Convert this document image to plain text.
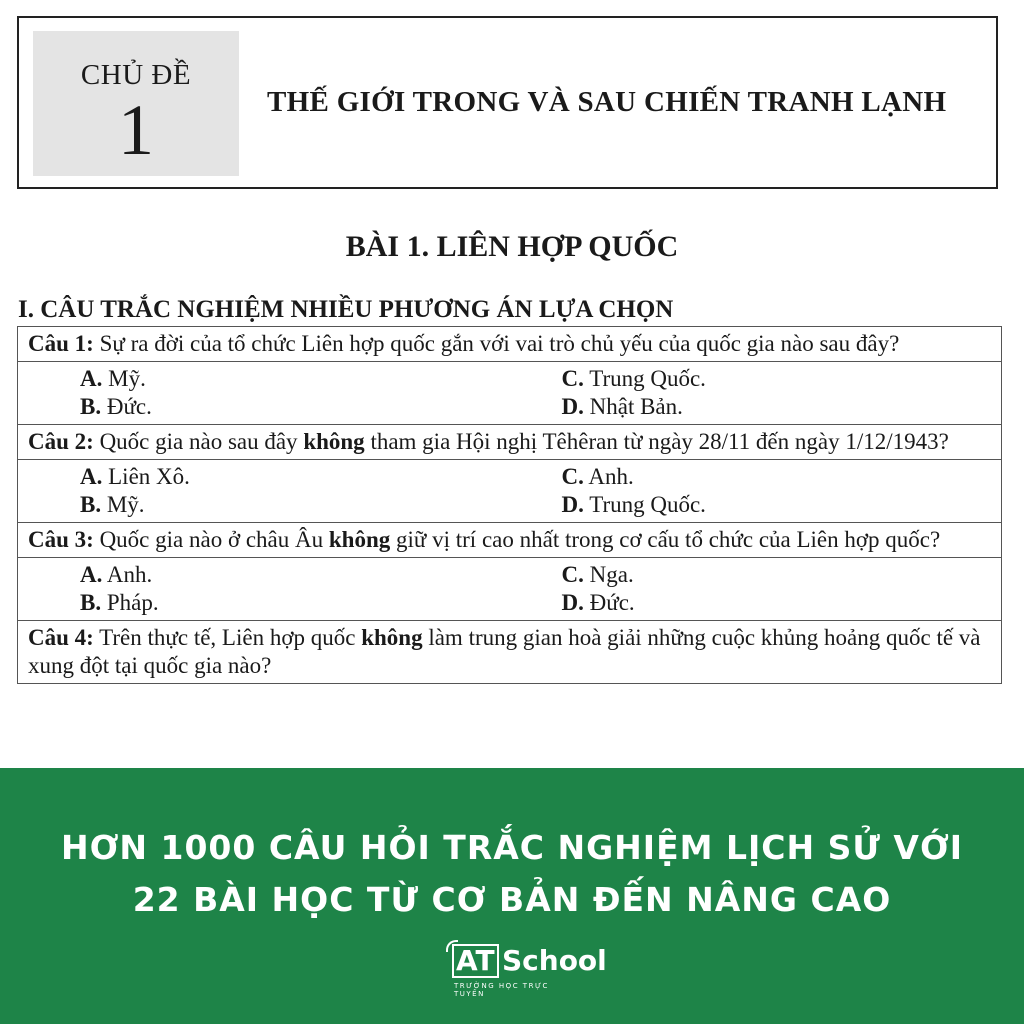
CHỦ ĐỀ
1	THẾ GIỚI TRONG VÀ SAU CHIẾN TRANH LẠNH
BÀI 1. LIÊN HỢP QUỐC
I. CÂU TRẮC NGHIỆM NHIỀU PHƯƠNG ÁN LỰA CHỌN
Câu 1: Sự ra đời của tổ chức Liên hợp quốc gắn với vai trò chủ yếu của quốc gia nào sau đây?

A. Mỹ.	C. Trung Quốc.
B. Đức.	D. Nhật Bản.

Câu 2: Quốc gia nào sau đây không tham gia Hội nghị Têhêran từ ngày 28/11 đến ngày 1/12/1943?

A. Liên Xô.	C. Anh.
B. Mỹ.	D. Trung Quốc.

Câu 3: Quốc gia nào ở châu Âu không giữ vị trí cao nhất trong cơ cấu tổ chức của Liên hợp quốc?

A. Anh.	C. Nga.
B. Pháp.	D. Đức.

Câu 4: Trên thực tế, Liên hợp quốc không làm trung gian hoà giải những cuộc khủng hoảng quốc tế và xung đột tại quốc gia nào?
HƠN 1000 CÂU HỎI TRẮC NGHIỆM LỊCH SỬ VỚI
22 BÀI HỌC TỪ CƠ BẢN ĐẾN NÂNG CAO
AT School
TRƯỜNG HỌC TRỰC TUYẾN
